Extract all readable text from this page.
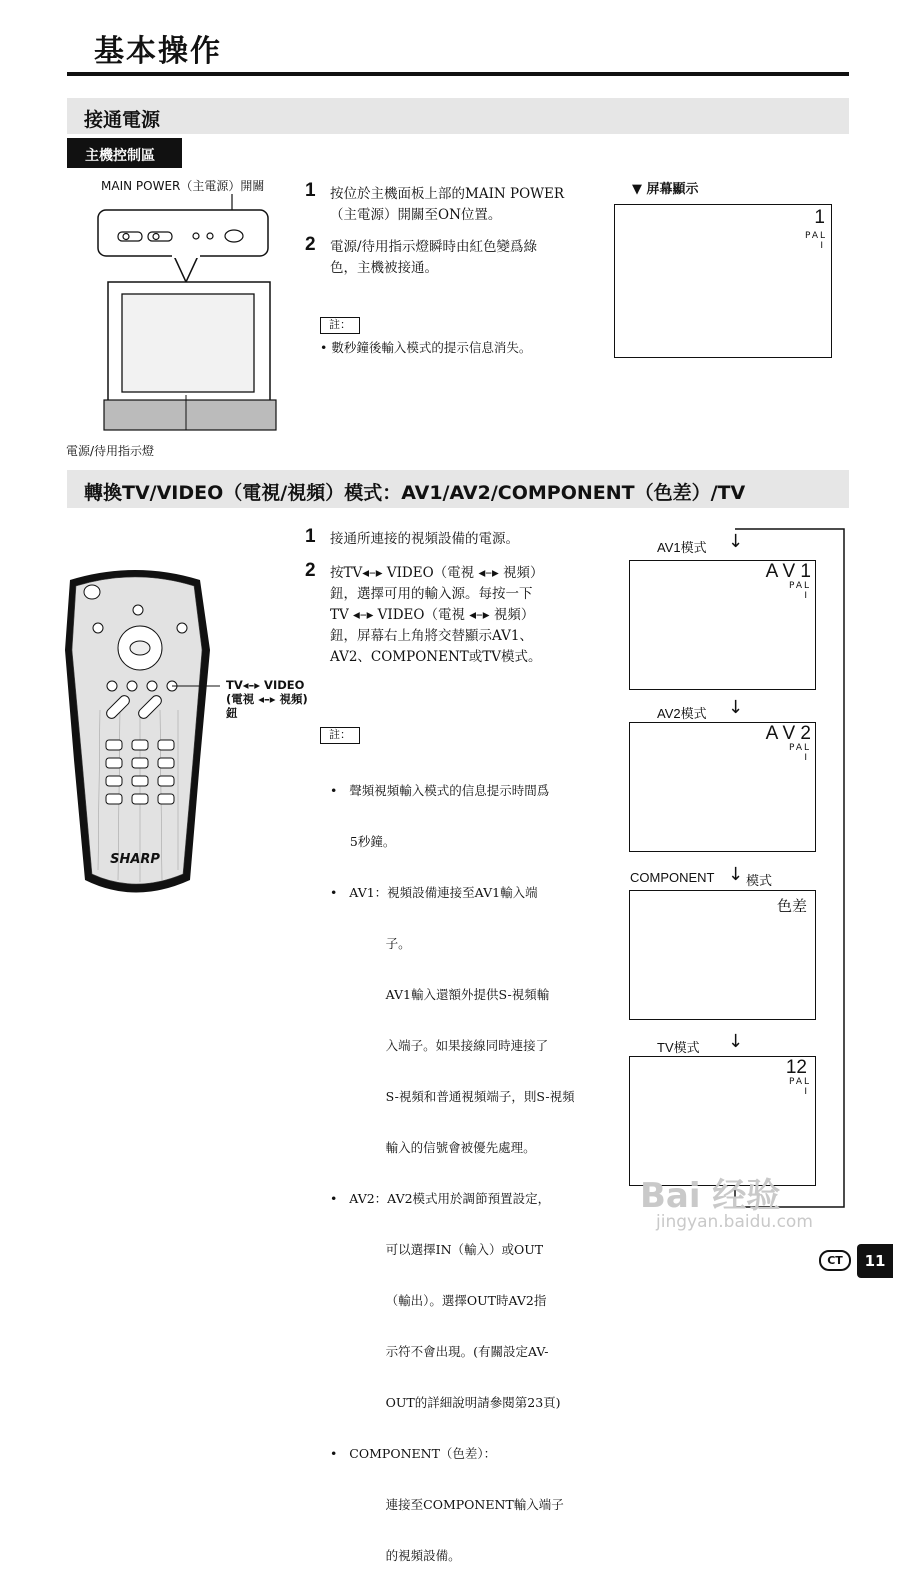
基本操作
接通電源
主機控制區
MAIN POWER（主電源）開關
電源/待用指示燈
1 按位於主機面板上部的MAIN POWER
（主電源）開關至ON位置。
2 電源/待用指示燈瞬時由紅色變爲綠
色，主機被接通。
註：
• 數秒鐘後輸入模式的提示信息消失。
▼ 屏幕顯示
1
PAL
I
轉換TV/VIDEO（電視/視頻）模式：AV1/AV2/COMPONENT（色差）/TV
SHARP
TV◂–▸ VIDEO
(電視 ◂–▸ 視頻)
鈕
1 接通所連接的視頻設備的電源。
2 按TV◂–▸ VIDEO（電視 ◂–▸ 視頻）
鈕，選擇可用的輸入源。每按一下
TV ◂–▸ VIDEO（電視 ◂–▸ 視頻）
鈕，屏幕右上角將交替顯示AV1、
AV2、COMPONENT或TV模式。
註：

•   聲頻視頻輸入模式的信息提示時間爲

5秒鐘。

•   AV1：視頻設備連接至AV1輸入端

子。

AV1輸入還額外提供S-視頻輸

入端子。如果接線同時連接了

S-視頻和普通視頻端子，則S-視頻

輸入的信號會被優先處理。

•   AV2：AV2模式用於調節預置設定，

可以選擇IN（輸入）或OUT

（輸出）。選擇OUT時AV2指

示符不會出現。(有關設定AV-

OUT的詳細說明請參閱第23頁)

•   COMPONENT（色差）：

連接至COMPONENT輸入端子

的視頻設備。

AV1模式 ↓
A V 1
PAL
I
AV2模式 ↓
A V 2
PAL
I
COMPONENT ↓ 模式
色差
TV模式 ↓
12
PAL
I
Bai 经验
jingyan.baidu.com
CT	11
